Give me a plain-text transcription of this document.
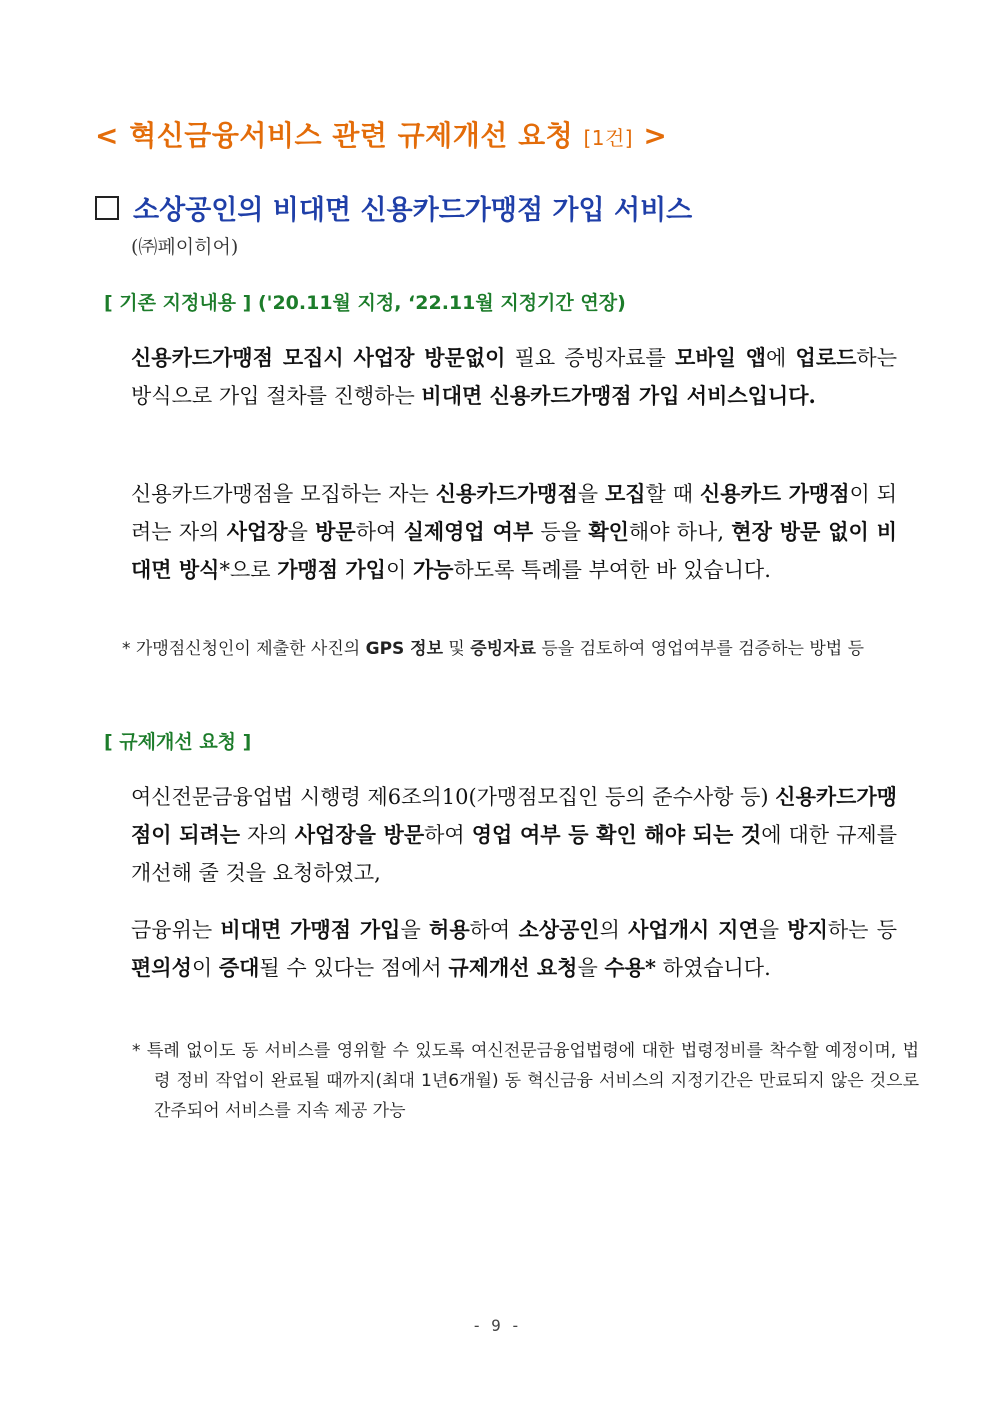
< 혁신금융서비스 관련 규제개선 요청 [1건] >
소상공인의 비대면 신용카드가맹점 가입 서비스
(㈜페이히어)
[ 기존 지정내용 ] ('20.11월 지정, ‘22.11월 지정기간 연장)
신용카드가맹점 모집시 사업장 방문없이 필요 증빙자료를 모바일 앱에 업로드하는 방식으로 가입 절차를 진행하는 비대면 신용카드가맹점 가입 서비스입니다.
신용카드가맹점을 모집하는 자는 신용카드가맹점을 모집할 때 신용카드 가맹점이 되려는 자의 사업장을 방문하여 실제영업 여부 등을 확인해야 하나, 현장 방문 없이 비대면 방식*으로 가맹점 가입이 가능하도록 특례를 부여한 바 있습니다.
* 가맹점신청인이 제출한 사진의 GPS 정보 및 증빙자료 등을 검토하여 영업여부를 검증하는 방법 등
[ 규제개선 요청 ]
여신전문금융업법 시행령 제6조의10(가맹점모집인 등의 준수사항 등) 신용카드가맹점이 되려는 자의 사업장을 방문하여 영업 여부 등 확인 해야 되는 것에 대한 규제를 개선해 줄 것을 요청하였고,
금융위는 비대면 가맹점 가입을 허용하여 소상공인의 사업개시 지연을 방지하는 등 편의성이 증대될 수 있다는 점에서 규제개선 요청을 수용* 하였습니다.
* 특례 없이도 동 서비스를 영위할 수 있도록 여신전문금융업법령에 대한 법령정비를 착수할 예정이며, 법령 정비 작업이 완료될 때까지(최대 1년6개월) 동 혁신금융 서비스의 지정기간은 만료되지 않은 것으로 간주되어 서비스를 지속 제공 가능
- 9 -
